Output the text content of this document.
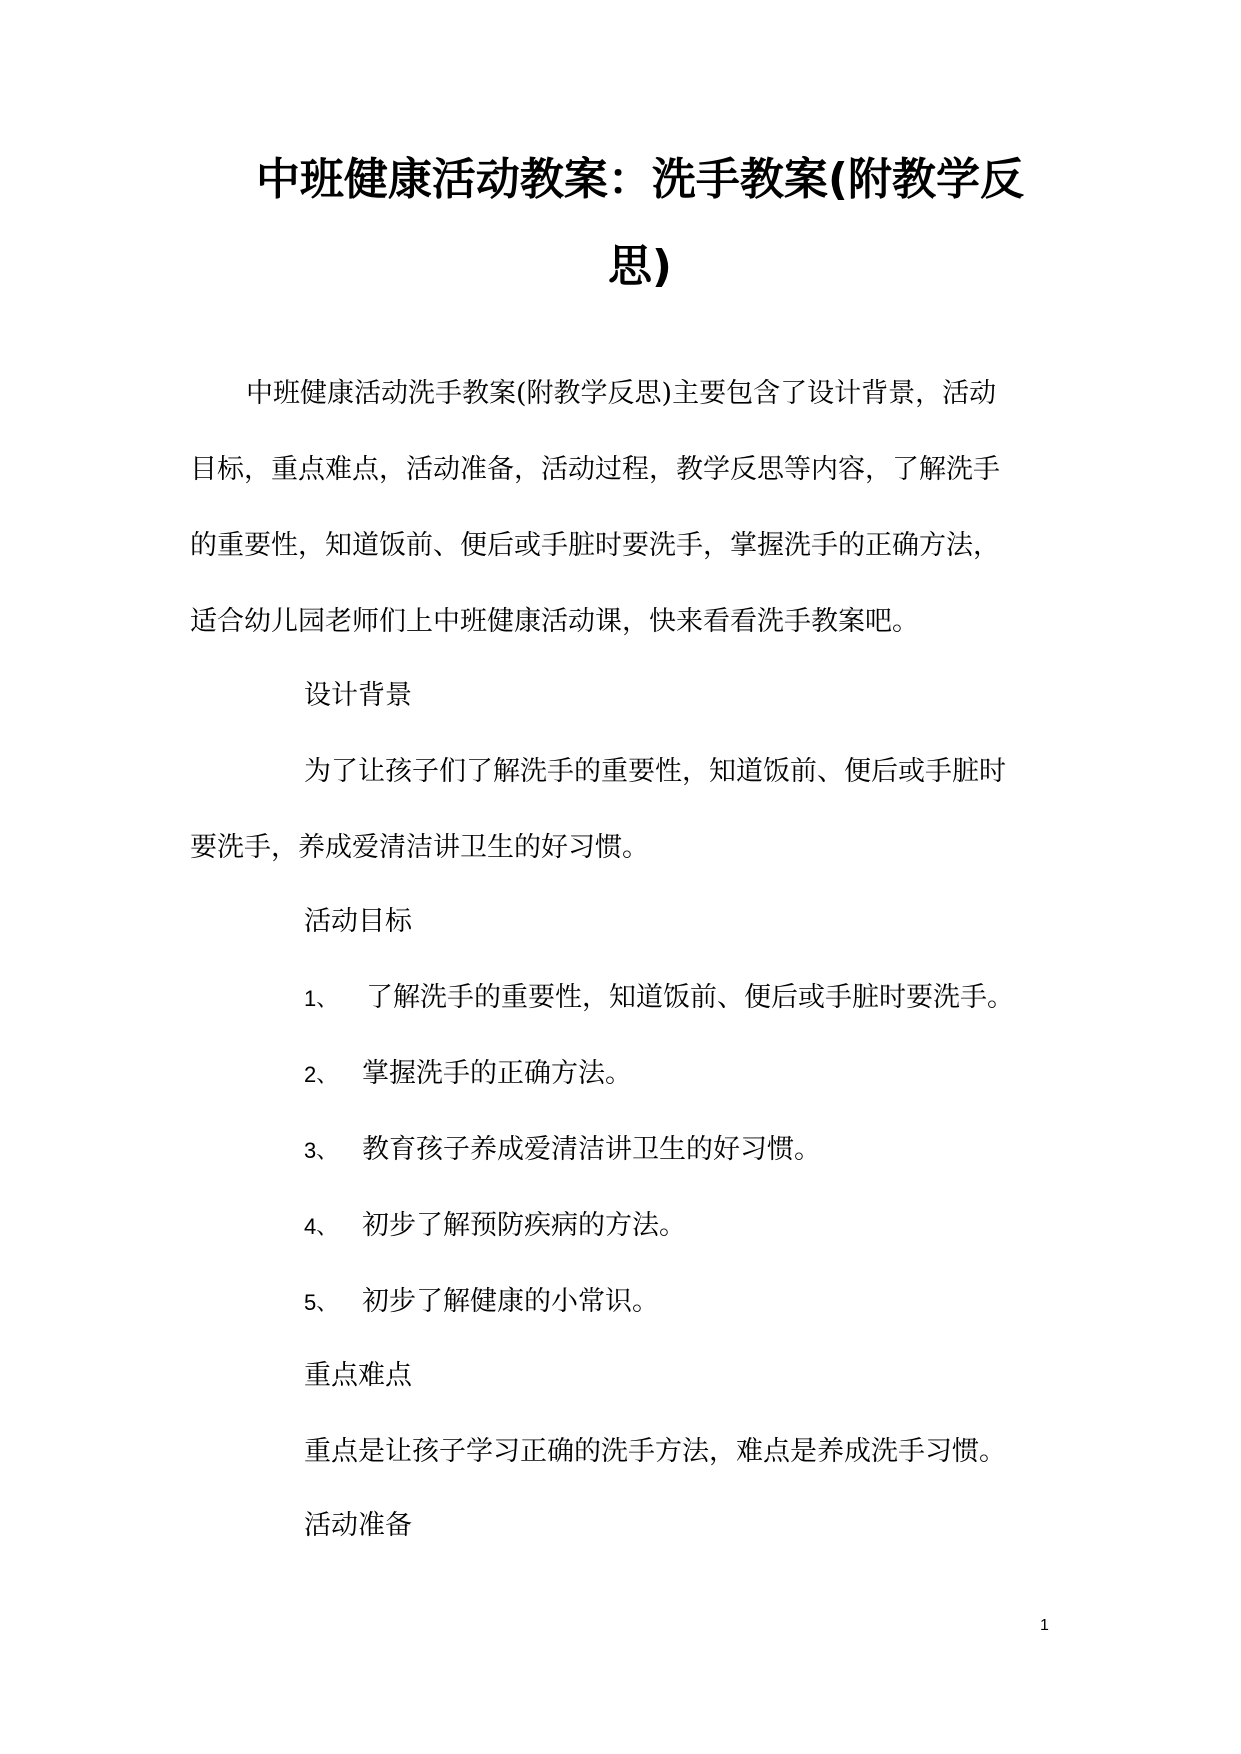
中班健康活动教案：洗手教案(附教学反
思)
中班健康活动洗手教案(附教学反思)主要包含了设计背景，活动
目标，重点难点，活动准备，活动过程，教学反思等内容，了解洗手
的重要性，知道饭前、便后或手脏时要洗手，掌握洗手的正确方法，
适合幼儿园老师们上中班健康活动课，快来看看洗手教案吧。
设计背景
为了让孩子们了解洗手的重要性，知道饭前、便后或手脏时
要洗手，养成爱清洁讲卫生的好习惯。
活动目标
1、 了解洗手的重要性，知道饭前、便后或手脏时要洗手。
2、 掌握洗手的正确方法。
3、 教育孩子养成爱清洁讲卫生的好习惯。
4、 初步了解预防疾病的方法。
5、 初步了解健康的小常识。
重点难点
重点是让孩子学习正确的洗手方法，难点是养成洗手习惯。
活动准备
1
